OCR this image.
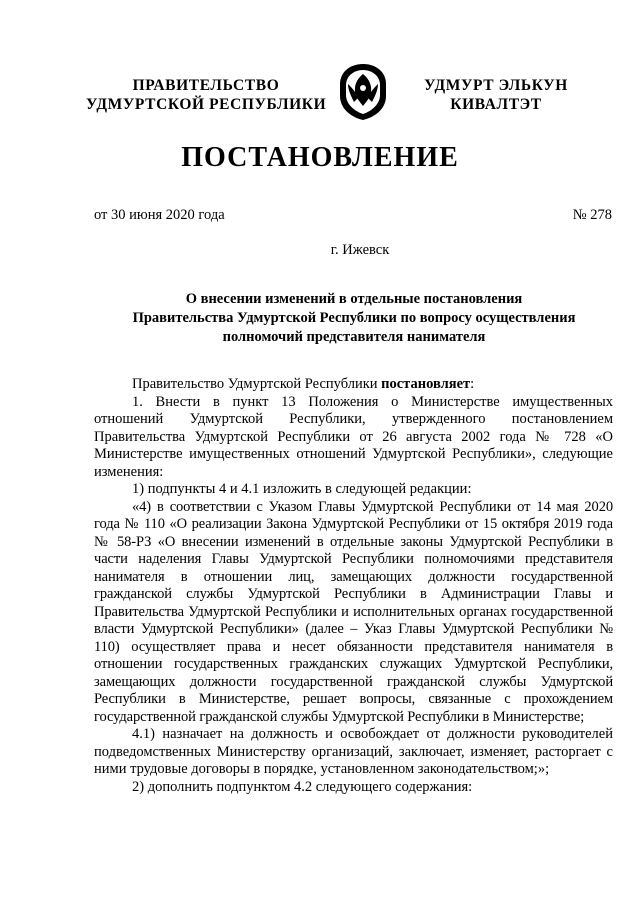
ПРАВИТЕЛЬСТВО
УДМУРТСКОЙ РЕСПУБЛИКИ
УДМУРТ ЭЛЬКУН
КИВАЛТЭТ
ПОСТАНОВЛЕНИЕ
от 30 июня 2020 года	№ 278
г. Ижевск
О внесении изменений в отдельные постановления
Правительства Удмуртской Республики по вопросу осуществления
полномочий представителя нанимателя

Правительство Удмуртской Республики постановляет:

1. Внести в пункт 13 Положения о Министерстве имущественных отношений Удмуртской Республики, утвержденного постановлением Правительства Удмуртской Республики от 26 августа 2002 года № 728 «О Министерстве имущественных отношений Удмуртской Республики», следующие изменения:

1) подпункты 4 и 4.1 изложить в следующей редакции:

«4) в соответствии с Указом Главы Удмуртской Республики от 14 мая 2020 года № 110 «О реализации Закона Удмуртской Республики от 15 октября 2019 года № 58-РЗ «О внесении изменений в отдельные законы Удмуртской Республики в части наделения Главы Удмуртской Республики полномочиями представителя нанимателя в отношении лиц, замещающих должности государственной гражданской службы Удмуртской Республики в Администрации Главы и Правительства Удмуртской Республики и исполнительных органах государственной власти Удмуртской Республики» (далее – Указ Главы Удмуртской Республики № 110) осуществляет права и несет обязанности представителя нанимателя в отношении государственных гражданских служащих Удмуртской Республики, замещающих должности государственной гражданской службы Удмуртской Республики в Министерстве, решает вопросы, связанные с прохождением государственной гражданской службы Удмуртской Республики в Министерстве;

4.1) назначает на должность и освобождает от должности руководителей подведомственных Министерству организаций, заключает, изменяет, расторгает с ними трудовые договоры в порядке, установленном законодательством;»;

2) дополнить подпунктом 4.2 следующего содержания:
